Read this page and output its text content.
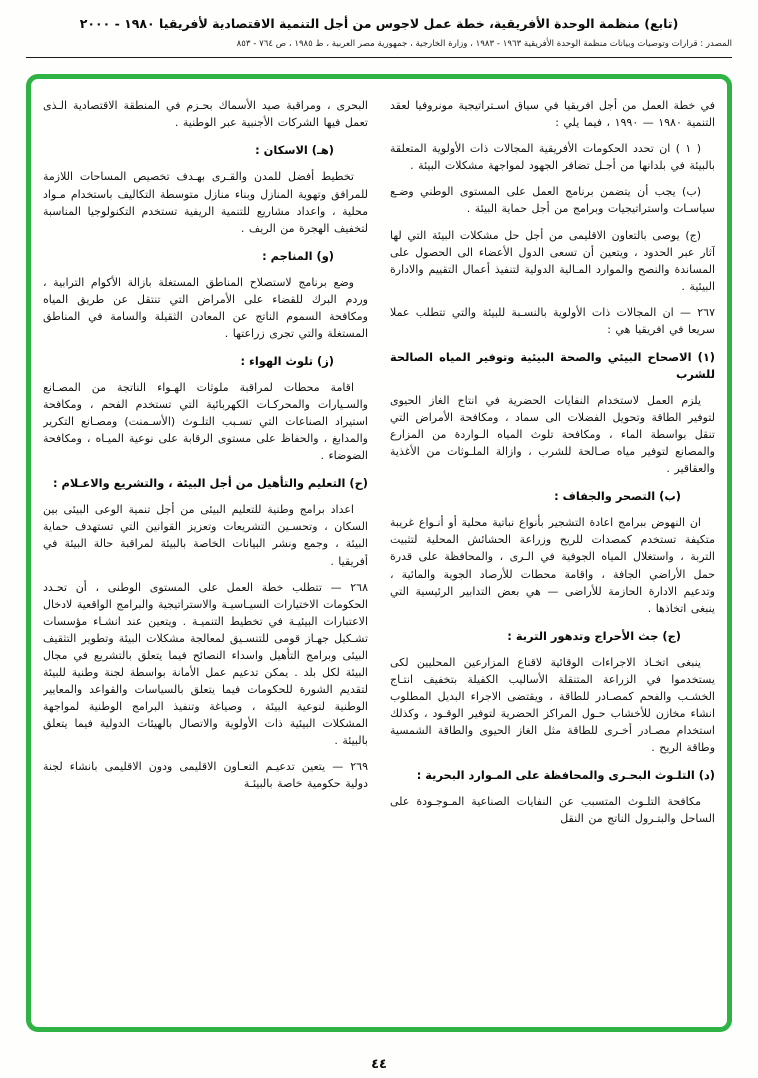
(تابع) منظمة الوحدة الأفريقية، خطة عمل لاجوس من أجل التنمية الاقتصادية لأفريقيا ١٩٨٠ - ٢٠٠٠
المصدر : قرارات وتوصيات وبيانات منظمة الوحدة الأفريقية ١٩٦٣ - ١٩٨٣ ، وزارة الخارجية ، جمهورية مصر العربية ، ط ١٩٨٥ ، ص ٧٦٤ - ٨٥٣

في خطة العمل من أجل افريقيا في سياق اسـتراتيجية مونروفيا لعقد التنمية ١٩٨٠ — ١٩٩٠ ، فيما يلي :

( ١ ) ان تحدد الحكومات الأفريقية المجالات ذات الأولوية المتعلقة بالبيئة في بلدانها من أجـل تضافر الجهود لمواجهة مشكلات البيئة .

(ب) يجب أن يتضمن برنامج العمل على المستوى الوطني وضـع سياسـات واستراتيجيات وبرامج من أجل حماية البيئة .

(ج) يوصى بالتعاون الاقليمى من أجل حل مشكلات البيئة التي لها آثار عبر الحدود ، ويتعين أن تسعى الدول الأعضاء الى الحصول على المساندة والنصح والموارد المـالية الدولية لتنفيذ أعمال التقييم والادارة البيئية .

٢٦٧ — ان المجالات ذات الأولوية بالنسـبة للبيئة والتي تتطلب عملا سريعا في افريقيا هي :

(١) الاصحاح البيئي والصحة البيئية وتوفير المياه الصالحة للشرب

يلزم العمل لاستخدام النفايات الحضرية في انتاج الغاز الحيوى لتوفير الطاقة وتحويل الفضلات الى سماد ، ومكافحة الأمراض التي تنقل بواسطة الماء ، ومكافحة تلوث المياه الـواردة من المزارع والمصانع لتوفير مياه صـالحة للشرب ، وازالة الملـوثات من الأغذية والعقاقير .

(ب) التصحر والجفاف :

ان النهوض ببرامج اعادة التشجير بأنواع نباتية محلية أو أنـواع غريبة متكيفة تستخدم كمصدات للريح وزراعة الحشائش المحلية لتثبيت التربة ، واستغلال المياه الجوفية في الـرى ، والمحافظة على قدرة حمل الأراضي الجافة ، واقامة محطات للأرصاد الجوية والمائية ، وتدعيم الادارة الحازمة للأراضى — هي بعض التدابير الرئيسية التي ينبغى اتخاذها .

(ج) جث الأحراج وتدهور التربة :

ينبغى اتخـاذ الاجراءات الوقائية لاقناع المزارعين المحليين لكى يستخدموا في الزراعة المتنقلة الأساليب الكفيلة بتخفيف انتـاج الخشـب والفحم كمصـادر للطاقة ، ويقتضى الاجراء البديل المطلوب انشاء مخازن للأخشاب حـول المراكز الحضرية لتوفير الوقـود ، وكذلك استخدام مصـادر أخـرى للطاقة مثل الغاز الحيوى والطاقة الشمسية وطاقة الريح .

(د) التلـوث البحـرى والمحافظة على المـوارد البحرية :

مكافحة التلـوث المتسبب عن النفايات الصناعية المـوجـودة على الساحل والبتـرول الناتج من النقل

البحرى ، ومراقبة صيد الأسماك بحـزم في المنطقة الاقتصادية الـذى تعمل فيها الشركات الأجنبية عبر الوطنية .

(هـ) الاسكان :

تخطيط أفضل للمدن والقـرى بهـدف تخصيص المساحات اللازمة للمرافق وتهوية المنازل وبناء منازل متوسطة التكاليف باستخدام مـواد محلية ، واعداد مشاريع للتنمية الريفية تستخدم التكنولوجيا المناسبة لتخفيف الهجرة من الريف .

(و) المناجم :

وضع برنامج لاستصلاح المناطق المستغلة بازالة الأكوام الترابية ، وردم البرك للقضاء على الأمراض التي تنتقل عن طريق المياه ومكافحة السموم الناتج عن المعادن الثقيلة والسامة في المناطق المستغلة والتي تجرى زراعتها .

(ز) تلوث الهواء :

اقامة محطات لمراقبة ملوثات الهـواء الناتجة من المصـانع والسـيارات والمحركـات الكهربائية التي تستخدم الفحم ، ومكافحة استيراد الصناعات التي تسـبب التلـوث (الأسـمنت) ومصـانع التكرير والمدابغ ، والحفاظ على مستوى الرقابة على نوعية الميـاه ، ومكافحة الضوضاء .

(ح) التعليم والتأهيل من أجل البيئة ، والتشريع والاعـلام :

اعداد برامج وطنية للتعليم البيئى من أجل تنمية الوعى البيئى بين السكان ، وتحسـين التشريعات وتعزيز القوانين التي تستهدف حماية البيئة ، وجمع ونشر البيانات الخاصة بالبيئة لمراقبة حالة البيئة في أفريقيا .

٢٦٨ — تتطلب خطة العمل على المستوى الوطنى ، أن تحـدد الحكومات الاختيارات السيـاسيـة والاستراتيجية والبرامج الواقعية لادخال الاعتبارات البيئيـة في تخطيط التنميـة . ويتعين عند انشـاء مؤسسات تشـكيل جهـاز قومى للتنسـيق لمعالجة مشكلات البيئة وتطوير التثقيف البيئى وبرامج التأهيل واسداء النصائح فيما يتعلق بالتشريع في مجال البيئة لكل بلد . يمكن تدعيم عمل الأمانة بواسطة لجنة وطنية للبيئة لتقديم الشورة للحكومات فيما يتعلق بالسياسات والقواعد والمعايير الوطنية لنوعية البيئة ، وصياغة وتنفيذ البرامج الوطنية لمواجهة المشكلات البيئية ذات الأولوية والاتصال بالهيئات الدولية فيما يتعلق بالبيئة .

٢٦٩ — يتعين تدعيـم التعـاون الاقليمى ودون الاقليمى بانشاء لجنة دولية حكومية خاصة بالبيئـة

٤٤
